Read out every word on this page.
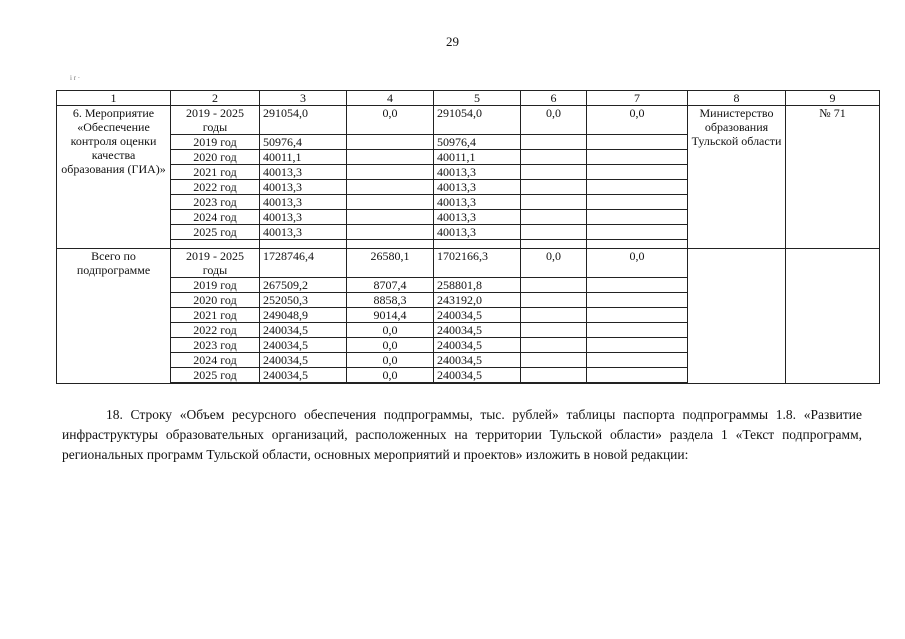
29
i r ·
1	2	3	4	5	6	7	8	9
6. Мероприятие «Обеспечение контроля оценки качества образования (ГИА)»	2019 - 2025 годы	291054,0	0,0	291054,0	0,0	0,0	Министерство образования Тульской области	№ 71
	2019 год	50976,4		50976,4				
	2020 год	40011,1		40011,1				
	2021 год	40013,3		40013,3				
	2022 год	40013,3		40013,3				
	2023 год	40013,3		40013,3				
	2024 год	40013,3		40013,3				
	2025 год	40013,3		40013,3				

Всего по подпрограмме	2019 - 2025 годы	1728746,4	26580,1	1702166,3	0,0	0,0		
	2019 год	267509,2	8707,4	258801,8				
	2020 год	252050,3	8858,3	243192,0				
	2021 год	249048,9	9014,4	240034,5				
	2022 год	240034,5	0,0	240034,5				
	2023 год	240034,5	0,0	240034,5				
	2024 год	240034,5	0,0	240034,5				
	2025 год	240034,5	0,0	240034,5				

18. Строку «Объем ресурсного обеспечения подпрограммы, тыс. рублей» таблицы паспорта подпрограммы 1.8. «Развитие инфраструктуры образовательных организаций, расположенных на территории Тульской области» раздела 1 «Текст подпрограмм, региональных программ Тульской области, основных мероприятий и проектов» изложить в новой редакции:
